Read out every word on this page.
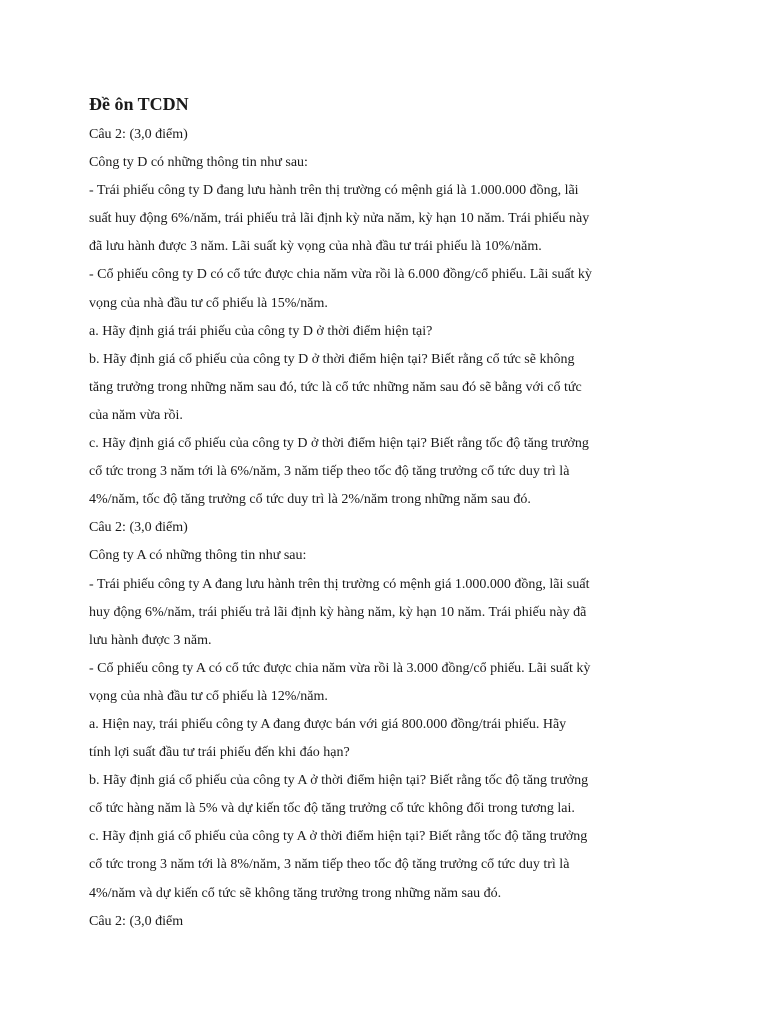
Đề ôn TCDN
Câu 2: (3,0 điểm)
Công ty D có những thông tin như sau:
- Trái phiếu công ty D đang lưu hành trên thị trường có mệnh giá là 1.000.000 đồng, lãi
suất huy động 6%/năm, trái phiếu trả lãi định kỳ nửa năm, kỳ hạn 10 năm. Trái phiếu này
đã lưu hành được 3 năm. Lãi suất kỳ vọng của nhà đầu tư trái phiếu là 10%/năm.
- Cổ phiếu công ty D có cổ tức được chia năm vừa rồi là 6.000 đồng/cổ phiếu. Lãi suất kỳ
vọng của nhà đầu tư cổ phiếu là 15%/năm.
a. Hãy định giá trái phiếu của công ty D ở thời điểm hiện tại?
b. Hãy định giá cổ phiếu của công ty D ở thời điểm hiện tại? Biết rằng cổ tức sẽ không
tăng trưởng trong những năm sau đó, tức là cổ tức những năm sau đó sẽ bằng với cổ tức
của năm vừa rồi.
c. Hãy định giá cổ phiếu của công ty D ở thời điểm hiện tại? Biết rằng tốc độ tăng trưởng
cổ tức trong 3 năm tới là 6%/năm, 3 năm tiếp theo tốc độ tăng trưởng cổ tức duy trì là
4%/năm, tốc độ tăng trưởng cổ tức duy trì là 2%/năm trong những năm sau đó.
Câu 2: (3,0 điểm)
Công ty A có những thông tin như sau:
- Trái phiếu công ty A đang lưu hành trên thị trường có mệnh giá 1.000.000 đồng, lãi suất
huy động 6%/năm, trái phiếu trả lãi định kỳ hàng năm, kỳ hạn 10 năm. Trái phiếu này đã
lưu hành được 3 năm.
- Cổ phiếu công ty A có cổ tức được chia năm vừa rồi là 3.000 đồng/cổ phiếu. Lãi suất kỳ
vọng của nhà đầu tư cổ phiếu là 12%/năm.
a. Hiện nay, trái phiếu công ty A đang được bán với giá 800.000 đồng/trái phiếu. Hãy
tính lợi suất đầu tư trái phiếu đến khi đáo hạn?
b. Hãy định giá cổ phiếu của công ty A ở thời điểm hiện tại? Biết rằng tốc độ tăng trưởng
cổ tức hàng năm là 5% và dự kiến tốc độ tăng trưởng cổ tức không đổi trong tương lai.
c. Hãy định giá cổ phiếu của công ty A ở thời điểm hiện tại? Biết rằng tốc độ tăng trưởng
cổ tức trong 3 năm tới là 8%/năm, 3 năm tiếp theo tốc độ tăng trưởng cổ tức duy trì là
4%/năm và dự kiến cổ tức sẽ không tăng trưởng trong những năm sau đó.
Câu 2: (3,0 điểm
